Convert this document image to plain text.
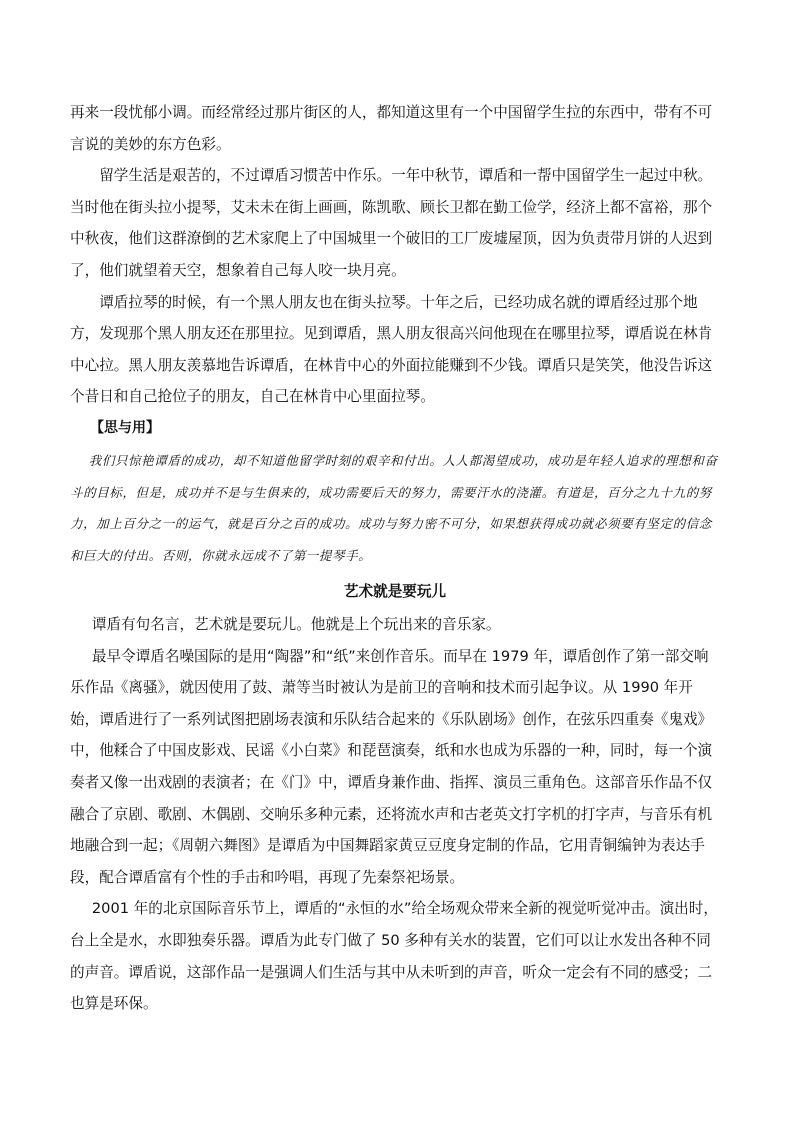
再来一段忧郁小调。而经常经过那片街区的人，都知道这里有一个中国留学生拉的东西中，带有不可言说的美妙的东方色彩。

留学生活是艰苦的，不过谭盾习惯苦中作乐。一年中秋节，谭盾和一帮中国留学生一起过中秋。当时他在街头拉小提琴，艾未未在街上画画，陈凯歌、顾长卫都在勤工俭学，经济上都不富裕，那个中秋夜，他们这群潦倒的艺术家爬上了中国城里一个破旧的工厂废墟屋顶，因为负责带月饼的人迟到了，他们就望着天空，想象着自己每人咬一块月亮。

谭盾拉琴的时候，有一个黑人朋友也在街头拉琴。十年之后，已经功成名就的谭盾经过那个地方，发现那个黑人朋友还在那里拉。见到谭盾，黑人朋友很高兴问他现在在哪里拉琴，谭盾说在林肯中心拉。黑人朋友羡慕地告诉谭盾，在林肯中心的外面拉能赚到不少钱。谭盾只是笑笑，他没告诉这个昔日和自己抢位子的朋友，自己在林肯中心里面拉琴。

【思与用】

我们只惊艳谭盾的成功，却不知道他留学时刻的艰辛和付出。人人都渴望成功，成功是年轻人追求的理想和奋斗的目标，但是，成功并不是与生俱来的，成功需要后天的努力，需要汗水的浇灌。有道是，百分之九十九的努力，加上百分之一的运气，就是百分之百的成功。成功与努力密不可分，如果想获得成功就必须要有坚定的信念和巨大的付出。否则，你就永远成不了第一提琴手。

艺术就是要玩儿

谭盾有句名言，艺术就是要玩儿。他就是上个玩出来的音乐家。

最早令谭盾名噪国际的是用“陶器”和“纸”来创作音乐。而早在 1979 年，谭盾创作了第一部交响乐作品《离骚》，就因使用了鼓、萧等当时被认为是前卫的音响和技术而引起争议。从 1990 年开始，谭盾进行了一系列试图把剧场表演和乐队结合起来的《乐队剧场》创作，在弦乐四重奏《鬼戏》中，他糅合了中国皮影戏、民谣《小白菜》和琵琶演奏，纸和水也成为乐器的一种，同时，每一个演奏者又像一出戏剧的表演者；在《门》中，谭盾身兼作曲、指挥、演员三重角色。这部音乐作品不仅融合了京剧、歌剧、木偶剧、交响乐多种元素，还将流水声和古老英文打字机的打字声，与音乐有机地融合到一起；《周朝六舞图》是谭盾为中国舞蹈家黄豆豆度身定制的作品，它用青铜编钟为表达手段，配合谭盾富有个性的手击和吟唱，再现了先秦祭祀场景。

2001 年的北京国际音乐节上，谭盾的“永恒的水”给全场观众带来全新的视觉听觉冲击。演出时，台上全是水，水即独奏乐器。谭盾为此专门做了 50 多种有关水的装置，它们可以让水发出各种不同的声音。谭盾说，这部作品一是强调人们生活与其中从未听到的声音，听众一定会有不同的感受；二也算是环保。
